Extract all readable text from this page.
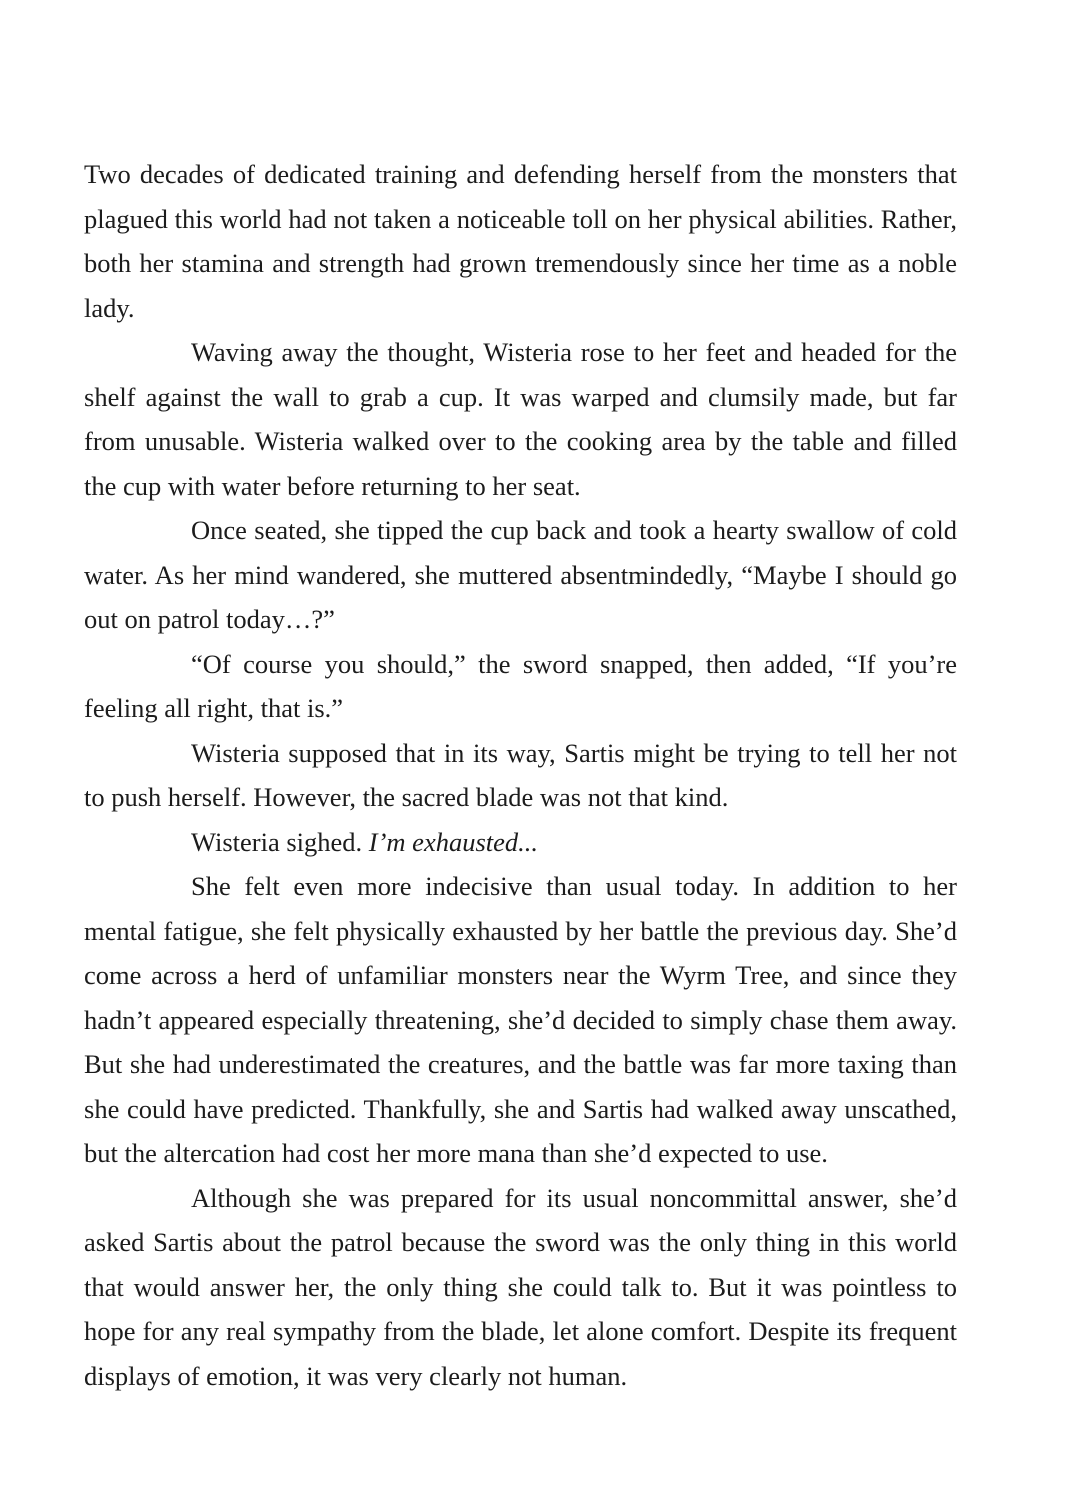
Two decades of dedicated training and defending herself from the monsters that plagued this world had not taken a noticeable toll on her physical abilities. Rather, both her stamina and strength had grown tremendously since her time as a noble lady.

Waving away the thought, Wisteria rose to her feet and headed for the shelf against the wall to grab a cup. It was warped and clumsily made, but far from unusable. Wisteria walked over to the cooking area by the table and filled the cup with water before returning to her seat.

Once seated, she tipped the cup back and took a hearty swallow of cold water. As her mind wandered, she muttered absentmindedly, “Maybe I should go out on patrol today…?”

“Of course you should,” the sword snapped, then added, “If you’re feeling all right, that is.”

Wisteria supposed that in its way, Sartis might be trying to tell her not to push herself. However, the sacred blade was not that kind.

Wisteria sighed. I’m exhausted...

She felt even more indecisive than usual today. In addition to her mental fatigue, she felt physically exhausted by her battle the previous day. She’d come across a herd of unfamiliar monsters near the Wyrm Tree, and since they hadn’t appeared especially threatening, she’d decided to simply chase them away. But she had underestimated the creatures, and the battle was far more taxing than she could have predicted. Thankfully, she and Sartis had walked away unscathed, but the altercation had cost her more mana than she’d expected to use.

Although she was prepared for its usual noncommittal answer, she’d asked Sartis about the patrol because the sword was the only thing in this world that would answer her, the only thing she could talk to. But it was pointless to hope for any real sympathy from the blade, let alone comfort. Despite its frequent displays of emotion, it was very clearly not human.
